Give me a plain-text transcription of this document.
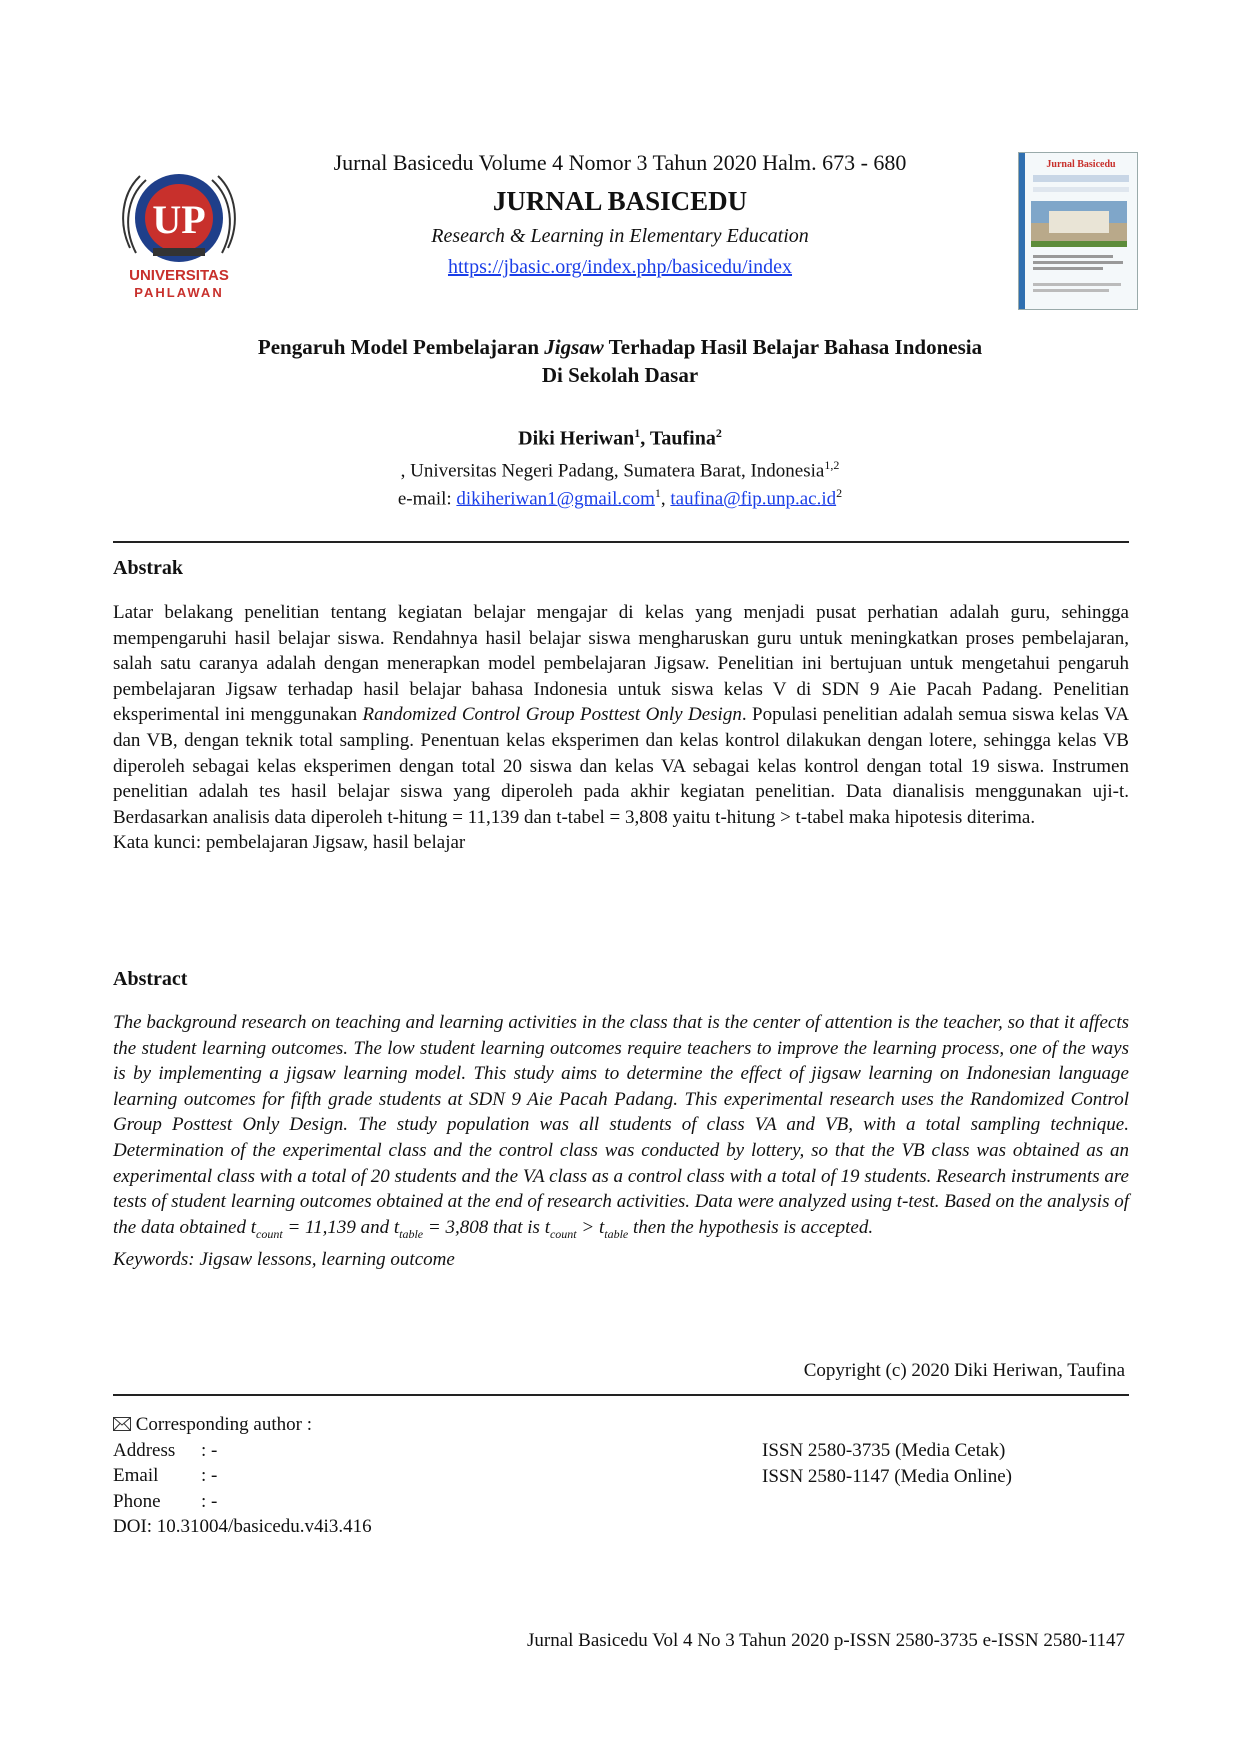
UP
UNIVERSITAS
PAHLAWAN
Jurnal Basicedu
Jurnal Basicedu Volume 4 Nomor 3 Tahun 2020 Halm. 673 - 680
JURNAL BASICEDU
Research & Learning in Elementary Education
https://jbasic.org/index.php/basicedu/index
Pengaruh Model Pembelajaran Jigsaw Terhadap Hasil Belajar Bahasa Indonesia
Di Sekolah Dasar
Diki Heriwan$^1$, Taufina$^2$
, Universitas Negeri Padang, Sumatera Barat, Indonesia$^{1,2}$
e-mail: dikiheriwan1@gmail.com$^1$, $taufina@fip.unp.ac.id^2$
Abstrak
Latar belakang penelitian tentang kegiatan belajar mengajar di kelas yang menjadi pusat perhatian adalah guru, sehingga mempengaruhi hasil belajar siswa. Rendahnya hasil belajar siswa mengharuskan guru untuk meningkatkan proses pembelajaran, salah satu caranya adalah dengan menerapkan model pembelajaran Jigsaw. Penelitian ini bertujuan untuk mengetahui pengaruh pembelajaran Jigsaw terhadap hasil belajar bahasa Indonesia untuk siswa kelas V di SDN 9 Aie Pacah Padang. Penelitian eksperimental ini menggunakan Randomized Control Group Posttest Only Design. Populasi penelitian adalah semua siswa kelas VA dan VB, dengan teknik total sampling. Penentuan kelas eksperimen dan kelas kontrol dilakukan dengan lotere, sehingga kelas VB diperoleh sebagai kelas eksperimen dengan total 20 siswa dan kelas VA sebagai kelas kontrol dengan total 19 siswa. Instrumen penelitian adalah tes hasil belajar siswa yang diperoleh pada akhir kegiatan penelitian. Data dianalisis menggunakan uji-t. Berdasarkan analisis data diperoleh t-hitung = 11,139 dan t-tabel = 3,808 yaitu t-hitung > t-tabel maka hipotesis diterima.
Kata kunci: pembelajaran Jigsaw, hasil belajar
Abstract
The background research on teaching and learning activities in the class that is the center of attention is the teacher, so that it affects the student learning outcomes. The low student learning outcomes require teachers to improve the learning process, one of the ways is by implementing a jigsaw learning model. This study aims to determine the effect of jigsaw learning on Indonesian language learning outcomes for fifth grade students at SDN 9 Aie Pacah Padang. This experimental research uses the Randomized Control Group Posttest Only Design. The study population was all students of class VA and VB, with a total sampling technique. Determination of the experimental class and the control class was conducted by lottery, so that the VB class was obtained as an experimental class with a total of 20 students and the VA class as a control class with a total of 19 students. Research instruments are tests of student learning outcomes obtained at the end of research activities. Data were analyzed using t-test. Based on the analysis of the data obtained $t_{count} = 11,139$ and $t_{table} = 3,808$ that is $t_{count} > t_{table}$ then the hypothesis is accepted.
Keywords: Jigsaw lessons, learning outcome
Copyright (c) 2020 Diki Heriwan, Taufina
Corresponding author :
Address	: -
Email	: -
Phone	: -
DOI: 10.31004/basicedu.v4i3.416
ISSN 2580-3735 (Media Cetak)
ISSN 2580-1147 (Media Online)
Jurnal Basicedu Vol 4 No 3 Tahun 2020 p-ISSN 2580-3735 e-ISSN 2580-1147
